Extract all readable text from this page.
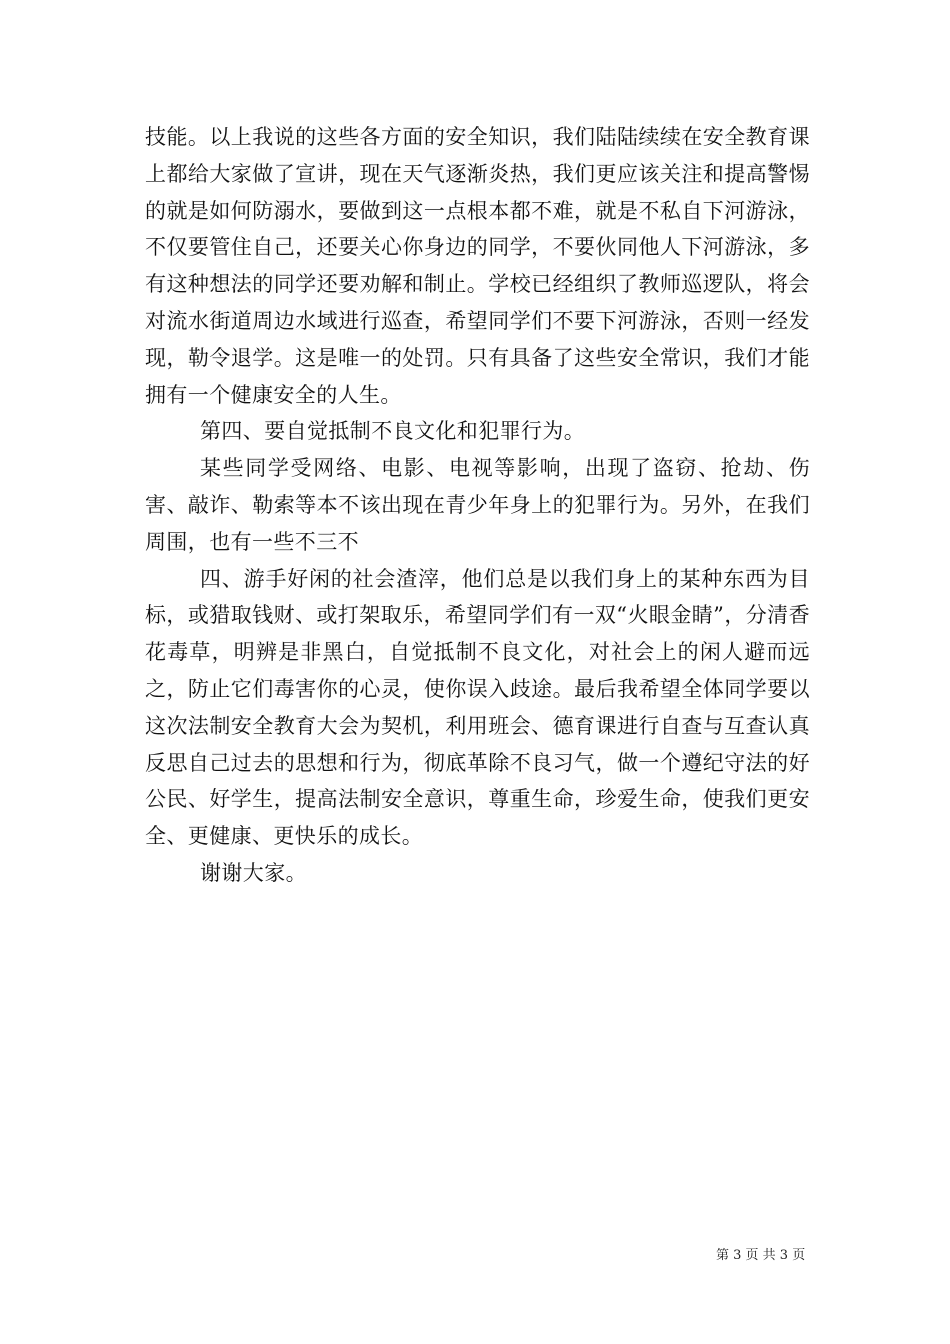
技能。以上我说的这些各方面的安全知识，我们陆陆续续在安全教育课上都给大家做了宣讲，现在天气逐渐炎热，我们更应该关注和提高警惕的就是如何防溺水，要做到这一点根本都不难，就是不私自下河游泳，不仅要管住自己，还要关心你身边的同学，不要伙同他人下河游泳，多有这种想法的同学还要劝解和制止。学校已经组织了教师巡逻队，将会对流水街道周边水域进行巡查，希望同学们不要下河游泳，否则一经发现，勒令退学。这是唯一的处罚。只有具备了这些安全常识，我们才能拥有一个健康安全的人生。

第四、要自觉抵制不良文化和犯罪行为。

某些同学受网络、电影、电视等影响，出现了盗窃、抢劫、伤害、敲诈、勒索等本不该出现在青少年身上的犯罪行为。另外，在我们周围，也有一些不三不

四、游手好闲的社会渣滓，他们总是以我们身上的某种东西为目标，或猎取钱财、或打架取乐，希望同学们有一双“火眼金睛”，分清香花毒草，明辨是非黑白，自觉抵制不良文化，对社会上的闲人避而远之，防止它们毒害你的心灵，使你误入歧途。最后我希望全体同学要以这次法制安全教育大会为契机，利用班会、德育课进行自查与互查认真反思自己过去的思想和行为，彻底革除不良习气，做一个遵纪守法的好公民、好学生，提高法制安全意识，尊重生命，珍爱生命，使我们更安全、更健康、更快乐的成长。

谢谢大家。

第 3 页 共 3 页
